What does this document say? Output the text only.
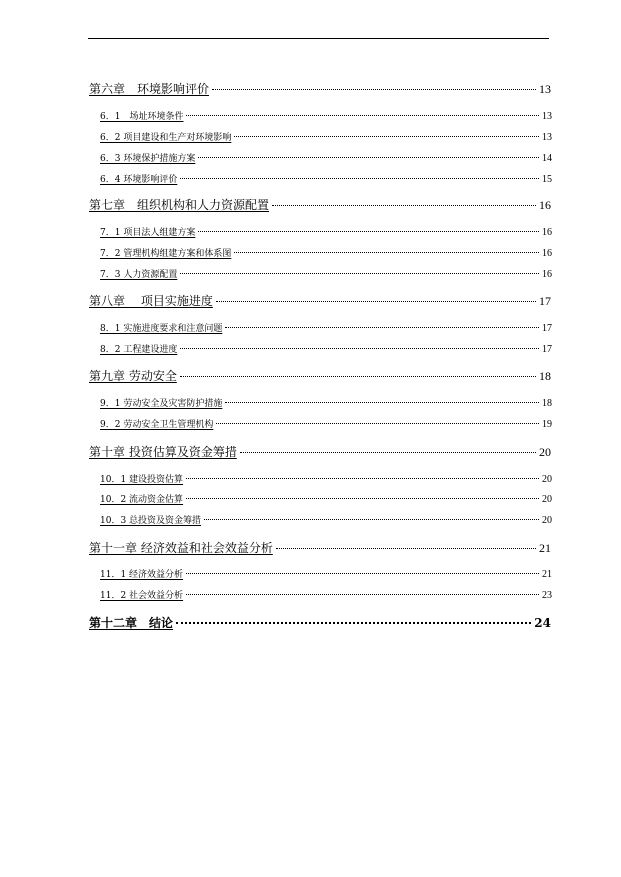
第六章　环境影响评价	13
6．1　场址环境条件	13
6．2 项目建设和生产对环境影响	13
6．3 环境保护措施方案	14
6．4 环境影响评价	15
第七章　组织机构和人力资源配置	16
7．1 项目法人组建方案	16
7．2 管理机构组建方案和体系图	16
7．3 人力资源配置	16
第八章　 项目实施进度	17
8．1 实施进度要求和注意问题	17
8．2 工程建设进度	17
第九章 劳动安全	18
9．1 劳动安全及灾害防护措施	18
9．2 劳动安全卫生管理机构	19
第十章 投资估算及资金筹措	20
10．1 建设投资估算	20
10．2 流动资金估算	20
10．3 总投资及资金筹措	20
第十一章 经济效益和社会效益分析	21
11．1 经济效益分析	21
11．2 社会效益分析	23
第十二章　结论	24
